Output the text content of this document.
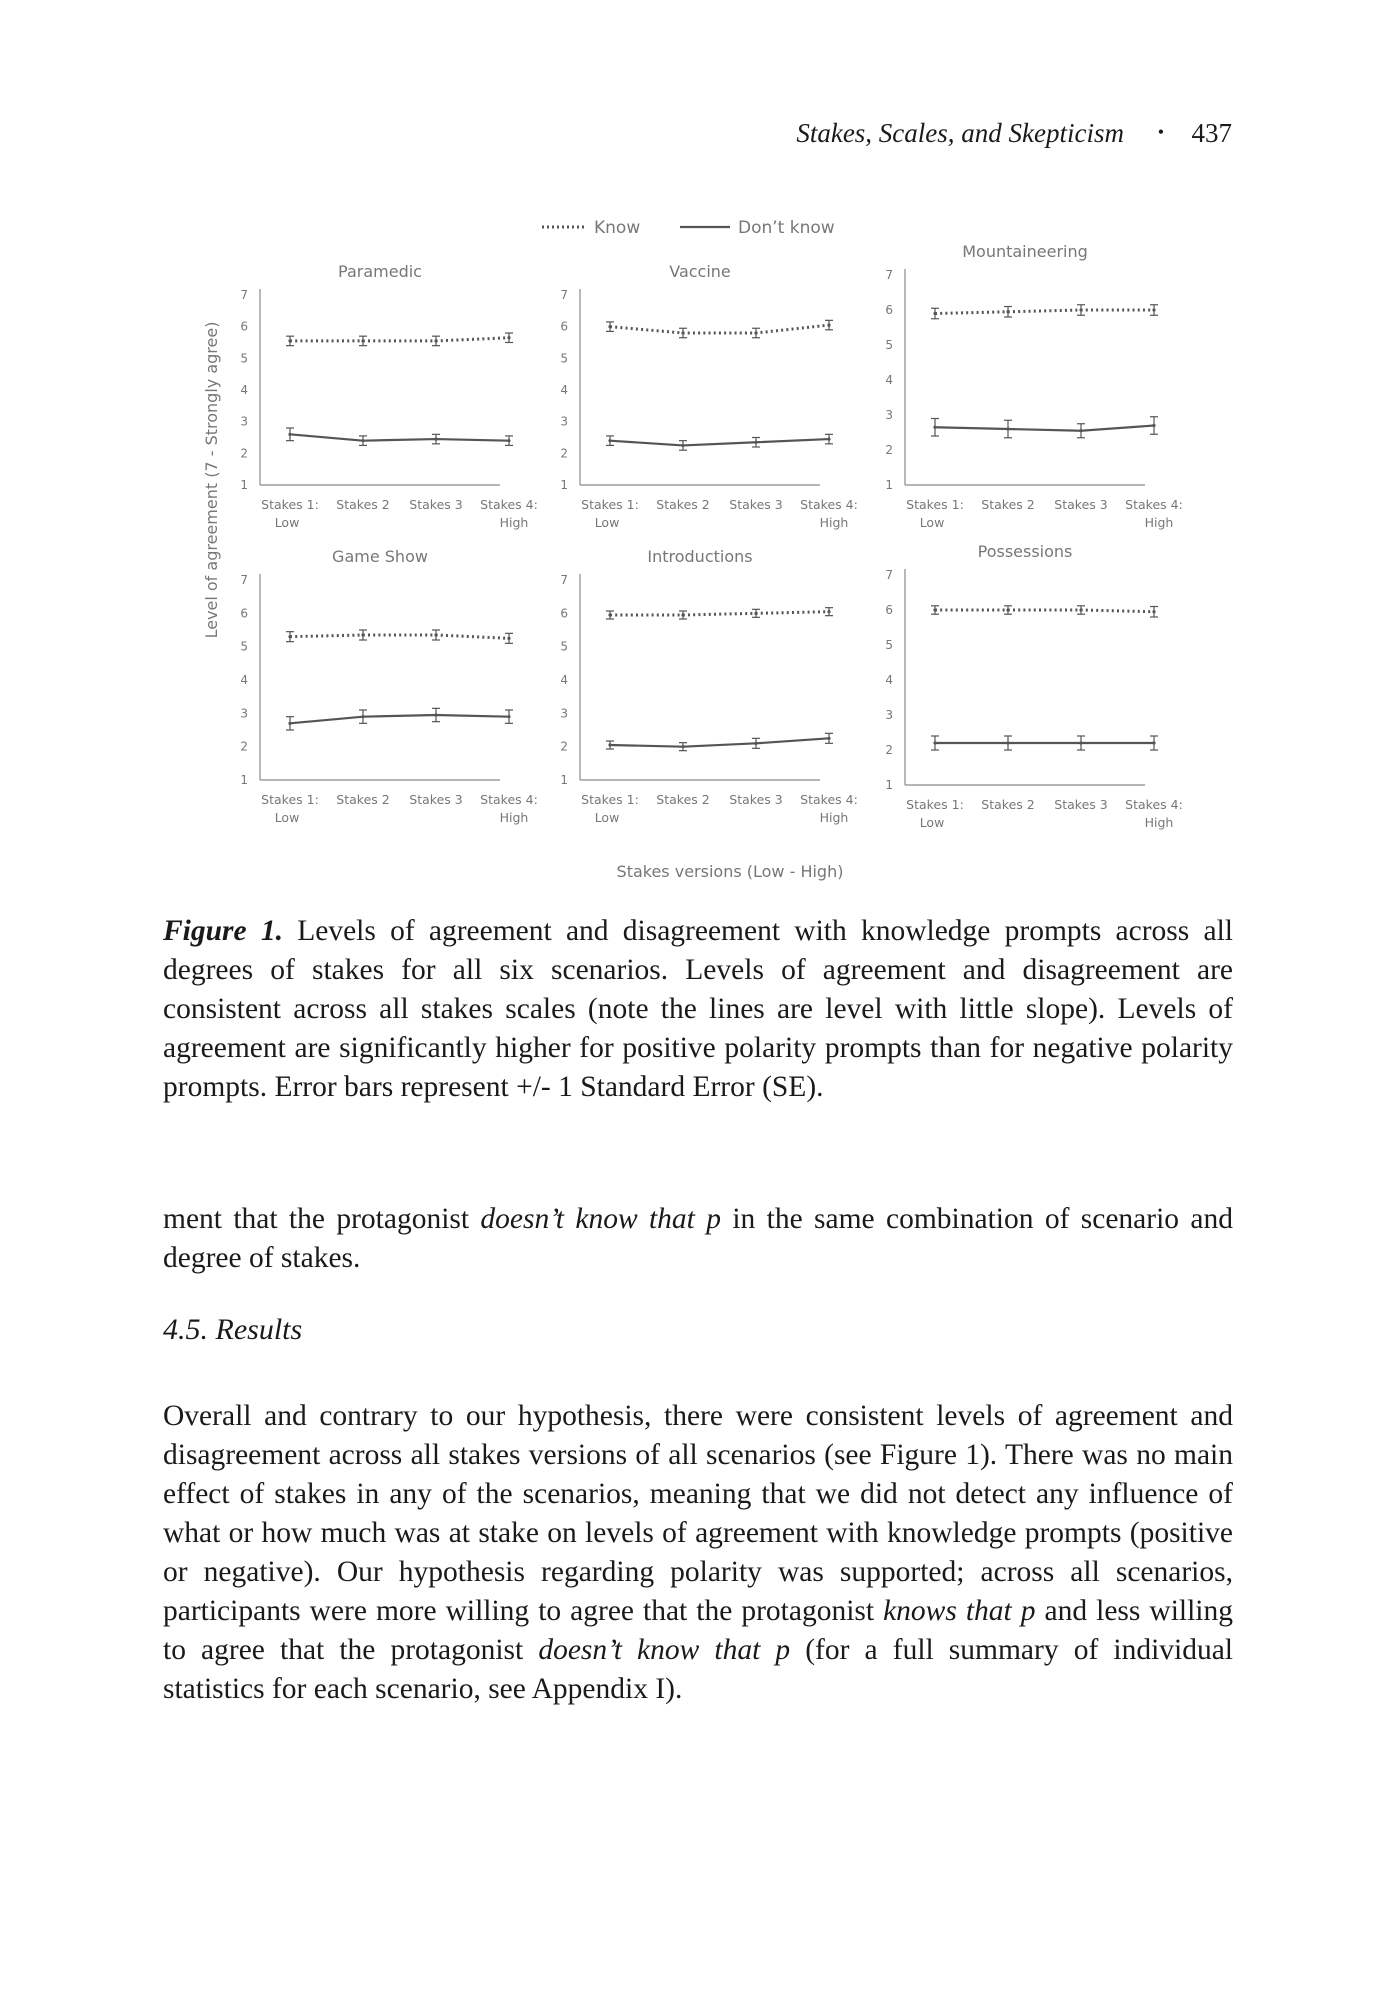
Stakes, Scales, and Skepticism • 437
Know	Don’t know
Level of agreement (7 - Strongly agree)
Stakes versions (Low - High)
1
2
3
4
5
6
7
Paramedic
Stakes 1:
Low
Stakes 2 Stakes 3 Stakes 4:
High
1
2
3
4
5
6
7
Vaccine
Stakes 1:
Low
Stakes 2 Stakes 3 Stakes 4:
High
1
2
3
4
5
6
7
Mountaineering
Stakes 1:
Low
Stakes 2 Stakes 3 Stakes 4:
High
1
2
3
4
5
6
7
Game Show
Stakes 1:
Low
Stakes 2 Stakes 3 Stakes 4:
High
1
2
3
4
5
6
7
Introductions
Stakes 1:
Low
Stakes 2 Stakes 3 Stakes 4:
High
1
2
3
4
5
6
7
Possessions
Stakes 1:
Low
Stakes 2 Stakes 3 Stakes 4:
High

Figure 1. Levels of agreement and disagreement with knowledge prompts across all degrees of stakes for all six scenarios. Levels of agreement and disagreement are consistent across all stakes scales (note the lines are level with little slope). Levels of agreement are significantly higher for positive polarity prompts than for negative polarity prompts. Error bars represent +/- 1 Standard Error (SE).

ment that the protagonist doesn’t know that p in the same combination of scenario and degree of stakes.

4.5. Results

Overall and contrary to our hypothesis, there were consistent levels of agreement and disagreement across all stakes versions of all scenarios (see Figure 1). There was no main effect of stakes in any of the scenarios, meaning that we did not detect any influence of what or how much was at stake on levels of agreement with knowledge prompts (positive or negative). Our hypothesis regarding polarity was supported; across all scenarios, participants were more willing to agree that the protagonist knows that p and less willing to agree that the protagonist doesn’t know that p (for a full summary of individual statistics for each scenario, see Appendix I).
